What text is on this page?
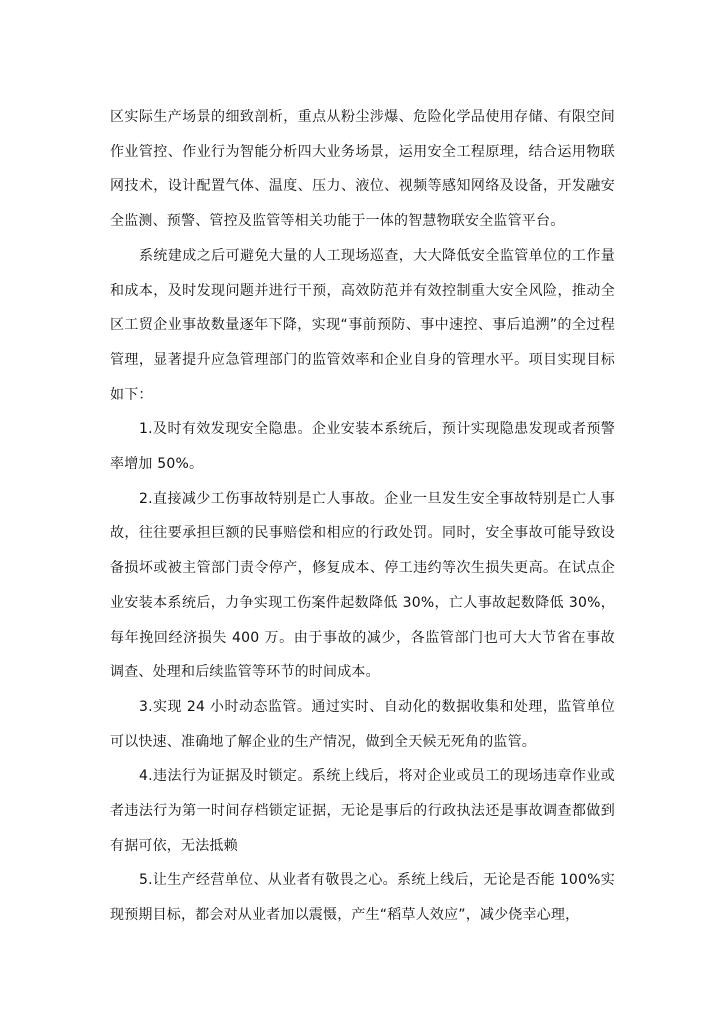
区实际生产场景的细致剖析，重点从粉尘涉爆、危险化学品使用存储、有限空间作业管控、作业行为智能分析四大业务场景，运用安全工程原理，结合运用物联网技术，设计配置气体、温度、压力、液位、视频等感知网络及设备，开发融安全监测、预警、管控及监管等相关功能于一体的智慧物联安全监管平台。

系统建成之后可避免大量的人工现场巡查，大大降低安全监管单位的工作量和成本，及时发现问题并进行干预，高效防范并有效控制重大安全风险，推动全区工贸企业事故数量逐年下降，实现“事前预防、事中速控、事后追溯”的全过程管理，显著提升应急管理部门的监管效率和企业自身的管理水平。项目实现目标如下：

1.及时有效发现安全隐患。企业安装本系统后，预计实现隐患发现或者预警率增加 50%。

2.直接减少工伤事故特别是亡人事故。企业一旦发生安全事故特别是亡人事故，往往要承担巨额的民事赔偿和相应的行政处罚。同时，安全事故可能导致设备损坏或被主管部门责令停产，修复成本、停工违约等次生损失更高。在试点企业安装本系统后，力争实现工伤案件起数降低 30%，亡人事故起数降低 30%，每年挽回经济损失 400 万。由于事故的减少，各监管部门也可大大节省在事故调查、处理和后续监管等环节的时间成本。

3.实现 24 小时动态监管。通过实时、自动化的数据收集和处理，监管单位可以快速、准确地了解企业的生产情况，做到全天候无死角的监管。

4.违法行为证据及时锁定。系统上线后，将对企业或员工的现场违章作业或者违法行为第一时间存档锁定证据，无论是事后的行政执法还是事故调查都做到有据可依，无法抵赖

5.让生产经营单位、从业者有敬畏之心。系统上线后，无论是否能 100%实现预期目标，都会对从业者加以震慑，产生“稻草人效应”，减少侥幸心理，
